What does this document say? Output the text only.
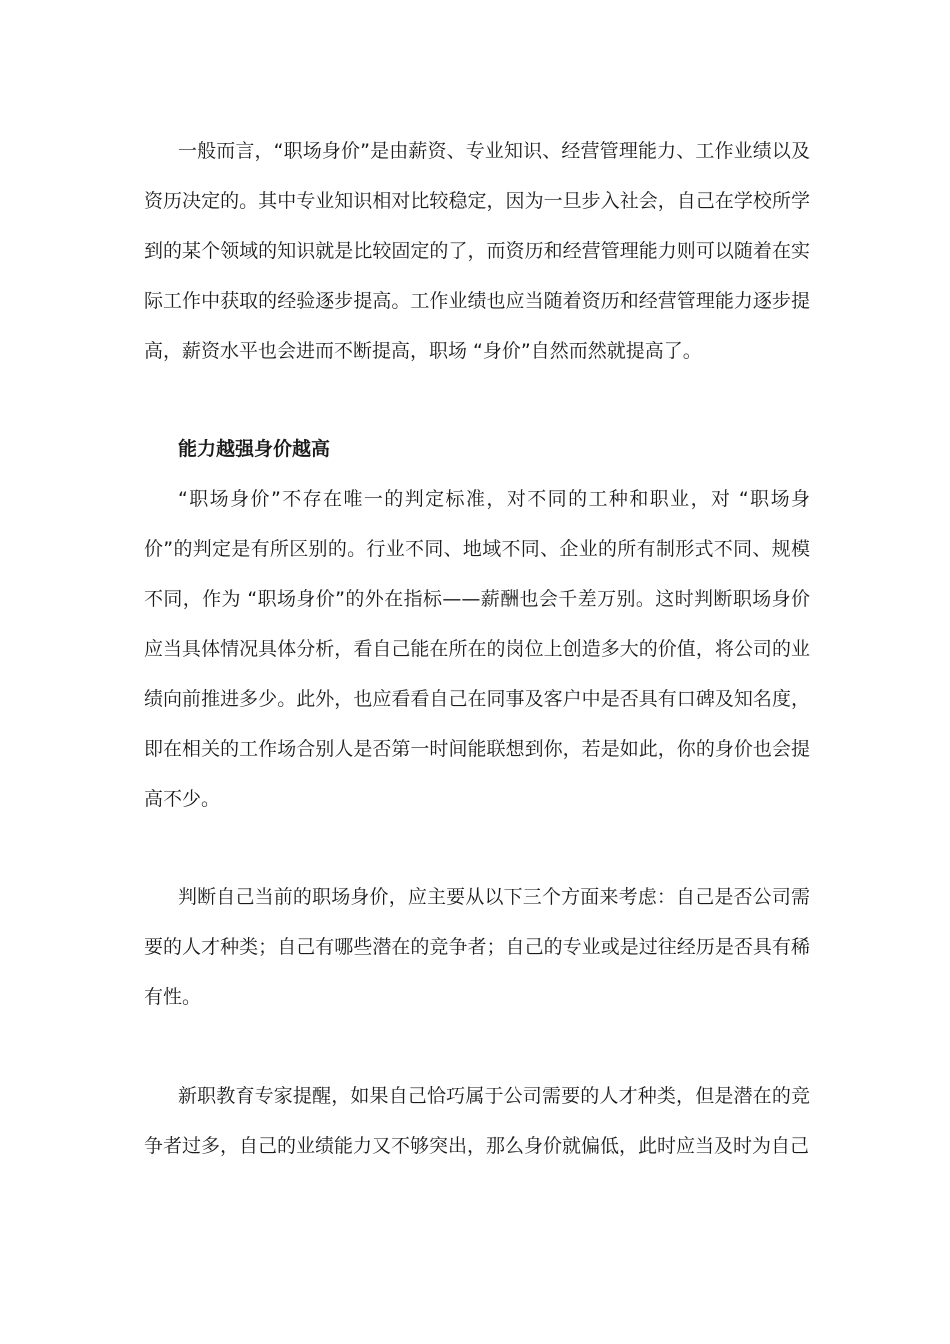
一般而言，“职场身价”是由薪资、专业知识、经营管理能力、工作业绩以及资历决定的。其中专业知识相对比较稳定，因为一旦步入社会，自己在学校所学到的某个领域的知识就是比较固定的了，而资历和经营管理能力则可以随着在实际工作中获取的经验逐步提高。工作业绩也应当随着资历和经营管理能力逐步提高，薪资水平也会进而不断提高，职场 “身价”自然而然就提高了。

能力越强身价越高

“职场身价”不存在唯一的判定标准，对不同的工种和职业，对 “职场身价”的判定是有所区别的。行业不同、地域不同、企业的所有制形式不同、规模不同，作为 “职场身价”的外在指标——薪酬也会千差万别。这时判断职场身价应当具体情况具体分析，看自己能在所在的岗位上创造多大的价值，将公司的业绩向前推进多少。此外，也应看看自己在同事及客户中是否具有口碑及知名度，即在相关的工作场合别人是否第一时间能联想到你，若是如此，你的身价也会提高不少。

判断自己当前的职场身价，应主要从以下三个方面来考虑：自己是否公司需要的人才种类；自己有哪些潜在的竞争者；自己的专业或是过往经历是否具有稀有性。

新职教育专家提醒，如果自己恰巧属于公司需要的人才种类，但是潜在的竞争者过多，自己的业绩能力又不够突出，那么身价就偏低，此时应当及时为自己
